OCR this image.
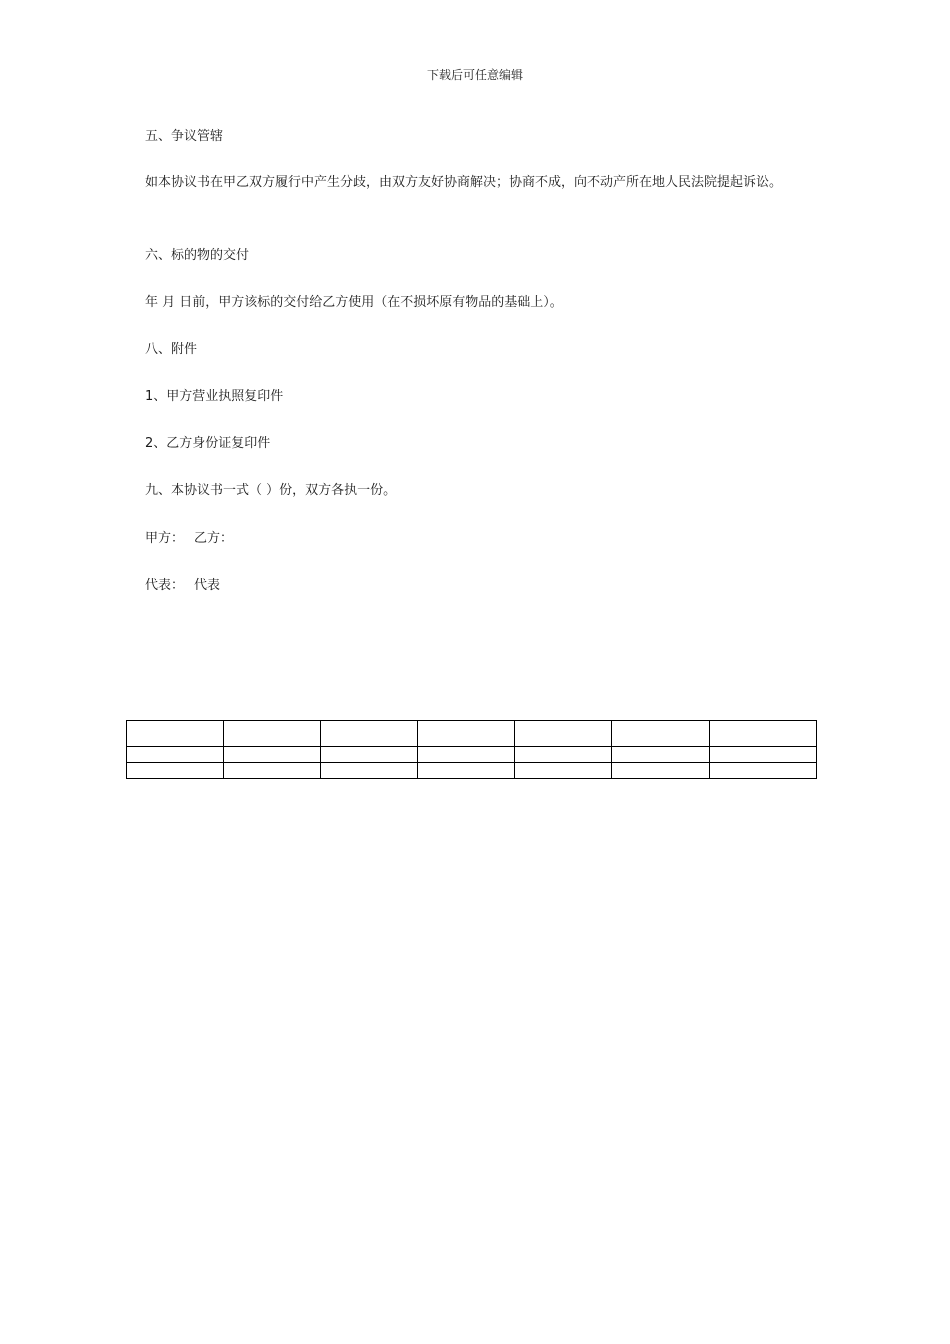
下载后可任意编辑
五、争议管辖
如本协议书在甲乙双方履行中产生分歧，由双方友好协商解决；协商不成，向不动产所在地人民法院提起诉讼。
六、标的物的交付
年 月 日前，甲方该标的交付给乙方使用（在不损坏原有物品的基础上）。
八、附件
1、甲方营业执照复印件
2、乙方身份证复印件
九、本协议书一式（ ）份，双方各执一份。
甲方： 乙方：
代表： 代表
